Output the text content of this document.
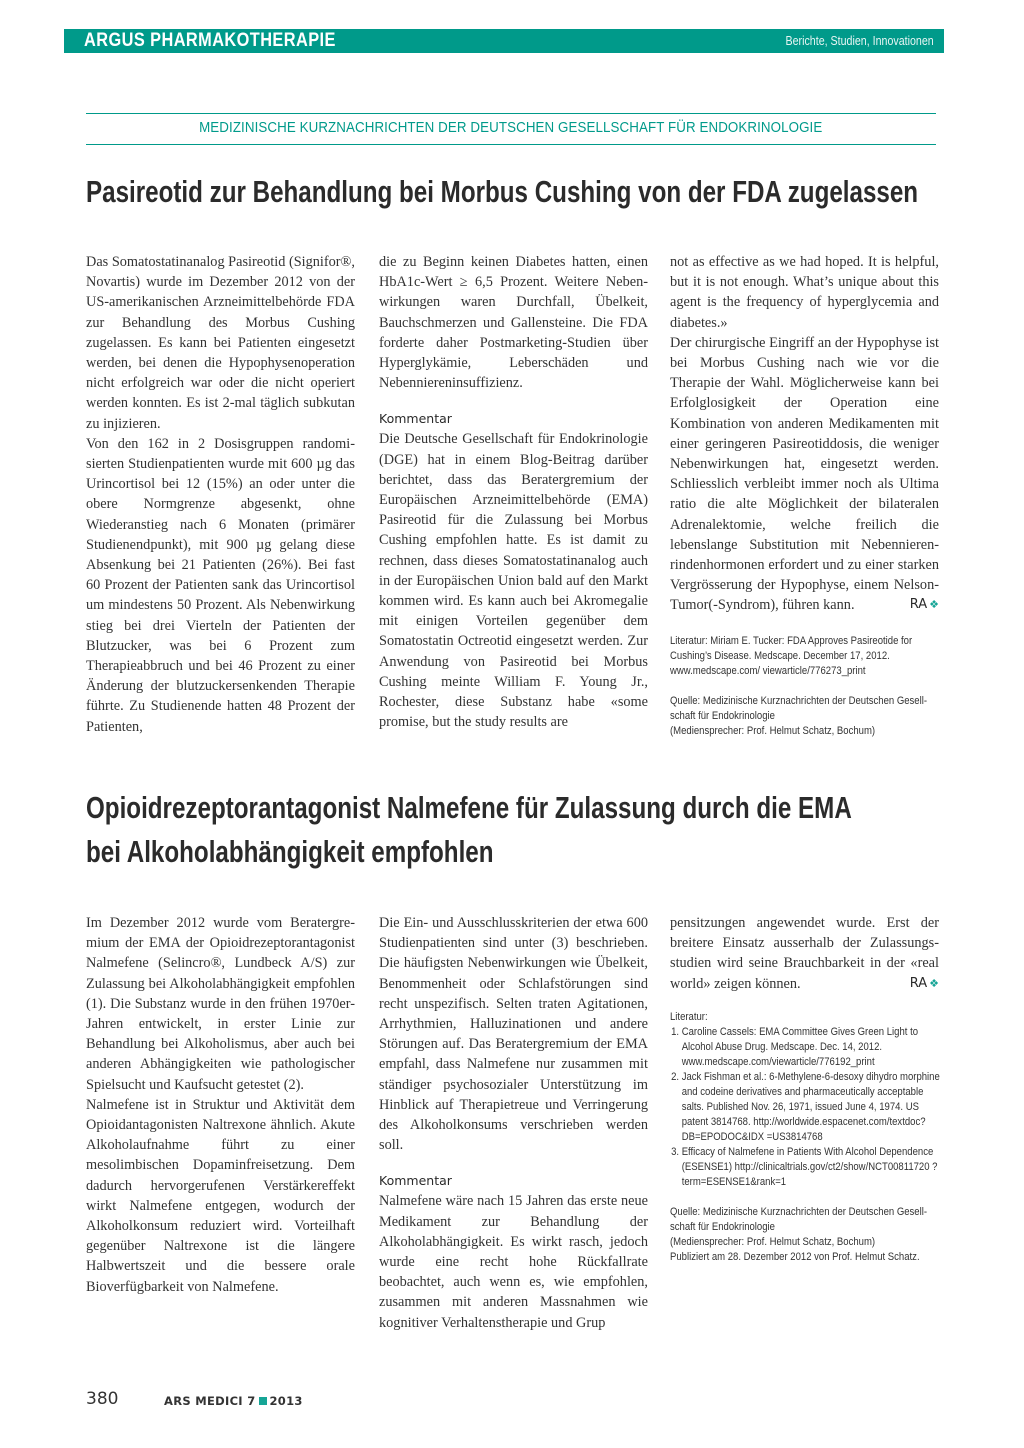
ARGUS PHARMAKOTHERAPIE	Berichte, Studien, Innovationen
MEDIZINISCHE KURZNACHRICHTEN DER DEUTSCHEN GESELLSCHAFT FÜR ENDOKRINOLOGIE
Pasireotid zur Behandlung bei Morbus Cushing von der FDA zugelassen

Das Somatostatinanalog Pasireotid (Signifor®, Novartis) wurde im Dezember 2012 von der US-amerikanischen Arzneimittelbehörde FDA zur Behandlung des Morbus Cushing zugelassen. Es kann bei Patienten eingesetzt werden, bei denen die Hypophysenoperation nicht erfolgreich war oder die nicht operiert werden konnten. Es ist 2-mal täglich subkutan zu injizieren.

Von den 162 in 2 Dosisgruppen randomisierten Studienpatienten wurde mit 600 µg das Urincortisol bei 12 (15%) an oder unter die obere Normgrenze abgesenkt, ohne Wiederanstieg nach 6 Monaten (primärer Studienendpunkt), mit 900 µg gelang diese Absenkung bei 21 Patienten (26%). Bei fast 60 Prozent der Patienten sank das Urincortisol um mindestens 50 Prozent. Als Nebenwirkung stieg bei drei Vierteln der Patienten der Blutzucker, was bei 6 Prozent zum Therapieabbruch und bei 46 Prozent zu einer Änderung der blutzuckersenkenden Therapie führte. Zu Studienende hatten 48 Prozent der Patienten,

die zu Beginn keinen Diabetes hatten, einen HbA1c-Wert ≥ 6,5 Prozent. Weitere Nebenwirkungen waren Durchfall, Übelkeit, Bauchschmerzen und Gallensteine. Die FDA forderte daher Postmarketing-Studien über Hyperglykämie, Leberschäden und Nebenniereninsuffizienz.

Kommentar

Die Deutsche Gesellschaft für Endokrinologie (DGE) hat in einem Blog-Beitrag darüber berichtet, dass das Beratergremium der Europäischen Arzneimittelbehörde (EMA) Pasireotid für die Zulassung bei Morbus Cushing empfohlen hatte. Es ist damit zu rechnen, dass dieses Somatostatinanalog auch in der Europäischen Union bald auf den Markt kommen wird. Es kann auch bei Akromegalie mit einigen Vorteilen gegenüber dem Somatostatin Octreotid eingesetzt werden. Zur Anwendung von Pasireotid bei Morbus Cushing meinte William F. Young Jr., Rochester, diese Substanz habe «some promise, but the study results are

not as effective as we had hoped. It is helpful, but it is not enough. What’s unique about this agent is the frequency of hyperglycemia and diabetes.»

Der chirurgische Eingriff an der Hypophyse ist bei Morbus Cushing nach wie vor die Therapie der Wahl. Möglicherweise kann bei Erfolglosigkeit der Operation eine Kombination von anderen Medikamenten mit einer geringeren Pasireotiddosis, die weniger Nebenwirkungen hat, eingesetzt werden. Schliesslich verbleibt immer noch als Ultima ratio die alte Möglichkeit der bilateralen Adrenalektomie, welche freilich die lebenslange Substitution mit Nebennierenrindenhormonen erfordert und zu einer starken Vergrösserung der Hypophyse, einem Nelson-Tumor(-Syndrom), führen kann.	RA ❖

Literatur: Miriam E. Tucker: FDA Approves Pasireotide for Cushing’s Disease. Medscape. December 17, 2012.

www.medscape.com/ viewarticle/776273_print

Quelle: Medizinische Kurznachrichten der Deutschen Gesellschaft für Endokrinologie

(Mediensprecher: Prof. Helmut Schatz, Bochum)

Opioidrezeptorantagonist Nalmefene für Zulassung durch die EMA
bei Alkoholabhängigkeit empfohlen

Im Dezember 2012 wurde vom Beratergremium der EMA der Opioidrezeptorantagonist Nalmefene (Selincro®, Lundbeck A/S) zur Zulassung bei Alkoholabhängigkeit empfohlen (1). Die Substanz wurde in den frühen 1970er-Jahren entwickelt, in erster Linie zur Behandlung bei Alkoholismus, aber auch bei anderen Abhängigkeiten wie pathologischer Spielsucht und Kaufsucht getestet (2).

Nalmefene ist in Struktur und Aktivität dem Opioidantagonisten Naltrexone ähnlich. Akute Alkoholaufnahme führt zu einer mesolimbischen Dopaminfreisetzung. Dem dadurch hervorgerufenen Verstärkereffekt wirkt Nalmefene entgegen, wodurch der Alkoholkonsum reduziert wird. Vorteilhaft gegenüber Naltrexone ist die längere Halbwertszeit und die bessere orale Bioverfügbarkeit von Nalmefene.

Die Ein- und Ausschlusskriterien der etwa 600 Studienpatienten sind unter (3) beschrieben. Die häufigsten Nebenwirkungen wie Übelkeit, Benommenheit oder Schlafstörungen sind recht unspezifisch. Selten traten Agitationen, Arrhythmien, Halluzinationen und andere Störungen auf. Das Beratergremium der EMA empfahl, dass Nalmefene nur zusammen mit ständiger psychosozialer Unterstützung im Hinblick auf Therapietreue und Verringerung des Alkoholkonsums verschrieben werden soll.

Kommentar

Nalmefene wäre nach 15 Jahren das erste neue Medikament zur Behandlung der Alkoholabhängigkeit. Es wirkt rasch, jedoch wurde eine recht hohe Rückfallrate beobachtet, auch wenn es, wie empfohlen, zusammen mit anderen Massnahmen wie kognitiver Verhaltenstherapie und Grup

pensitzungen angewendet wurde. Erst der breitere Einsatz ausserhalb der Zulassungsstudien wird seine Brauchbarkeit in der «real world» zeigen können.	RA ❖

Literatur:

1. Caroline Cassels: EMA Committee Gives Green Light to Alcohol Abuse Drug. Medscape. Dec. 14, 2012. www.medscape.com/viewarticle/776192_print
2. Jack Fishman et al.: 6-Methylene-6-desoxy dihydro morphine and codeine derivatives and pharmaceutically acceptable salts. Published Nov. 26, 1971, issued June 4, 1974. US patent 3814768. http://worldwide.espacenet.com/textdoc?DB=EPODOC&IDX =US3814768
3. Efficacy of Nalmefene in Patients With Alcohol Dependence (ESENSE1) http://clinicaltrials.gov/ct2/show/NCT00811720 ?term=ESENSE1&rank=1

Quelle: Medizinische Kurznachrichten der Deutschen Gesellschaft für Endokrinologie

(Mediensprecher: Prof. Helmut Schatz, Bochum)

Publiziert am 28. Dezember 2012 von Prof. Helmut Schatz.

380	ARS MEDICI 7 2013
